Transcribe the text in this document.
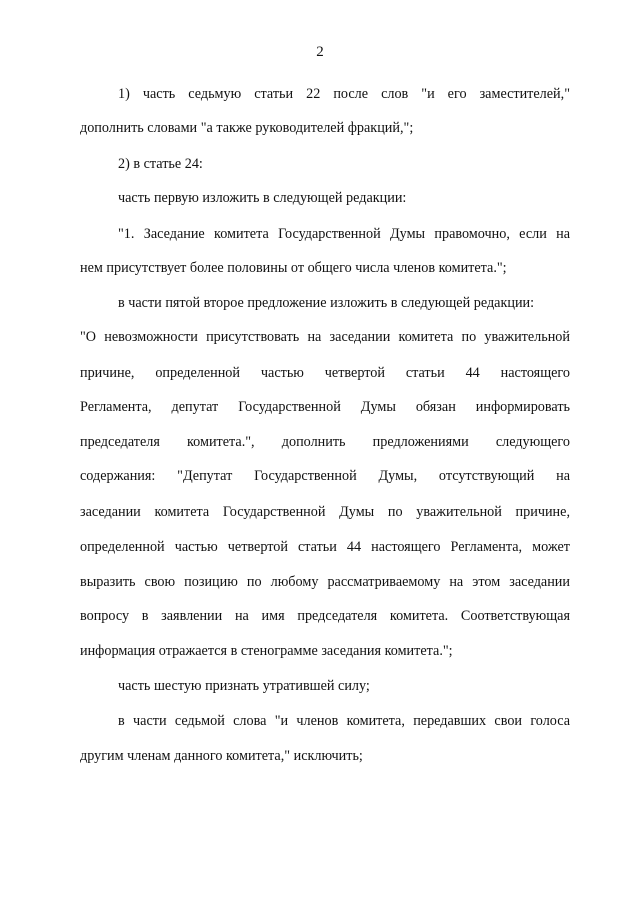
2
1) часть седьмую статьи 22 после слов "и его заместителей,"
дополнить словами "а также руководителей фракций,";
2) в статье 24:
часть первую изложить в следующей редакции:
"1. Заседание комитета Государственной Думы правомочно, если на
нем присутствует более половины от общего числа членов комитета.";
в части пятой второе предложение изложить в следующей редакции:
"О невозможности присутствовать на заседании комитета по уважительной
причине, определенной частью четвертой статьи 44 настоящего
Регламента, депутат Государственной Думы обязан информировать
председателя комитета.", дополнить предложениями следующего
содержания: "Депутат Государственной Думы, отсутствующий на
заседании комитета Государственной Думы по уважительной причине,
определенной частью четвертой статьи 44 настоящего Регламента, может
выразить свою позицию по любому рассматриваемому на этом заседании
вопросу в заявлении на имя председателя комитета. Соответствующая
информация отражается в стенограмме заседания комитета.";
часть шестую признать утратившей силу;
в части седьмой слова "и членов комитета, передавших свои голоса
другим членам данного комитета," исключить;
